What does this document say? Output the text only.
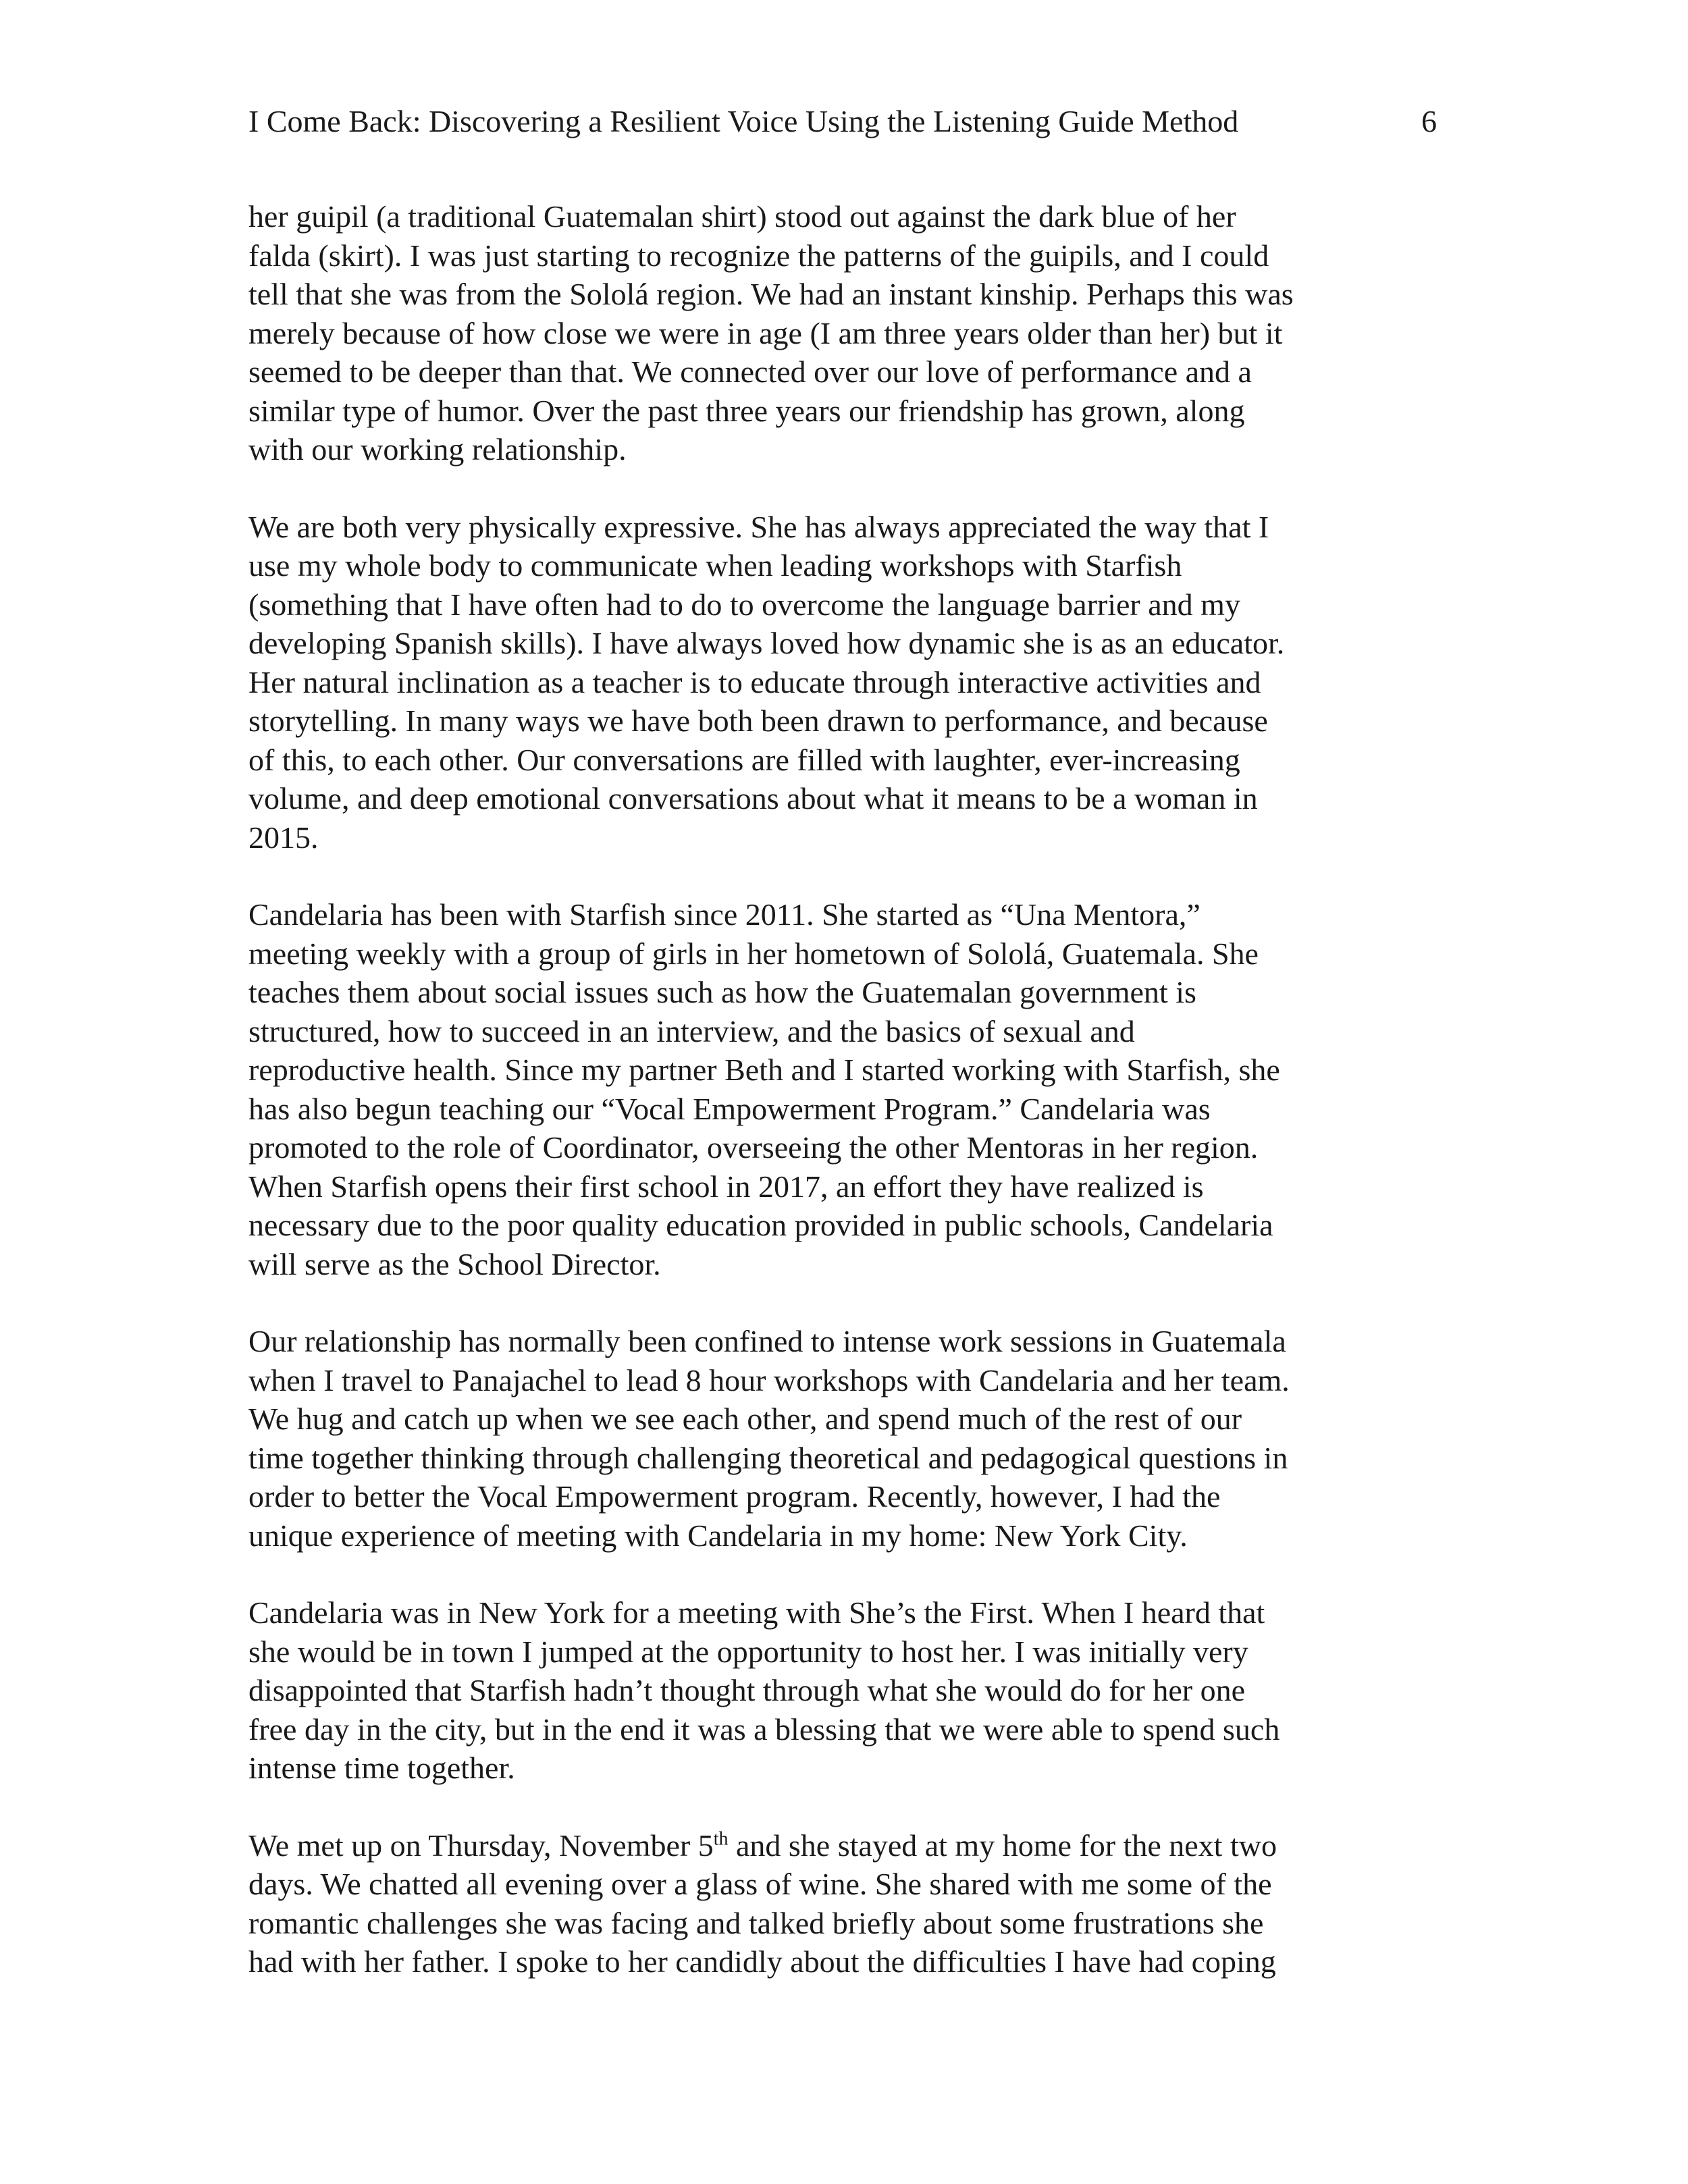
I Come Back: Discovering a Resilient Voice Using the Listening Guide Method	6

her guipil (a traditional Guatemalan shirt) stood out against the dark blue of her
falda (skirt). I was just starting to recognize the patterns of the guipils, and I could
tell that she was from the Sololá region. We had an instant kinship. Perhaps this was
merely because of how close we were in age (I am three years older than her) but it
seemed to be deeper than that. We connected over our love of performance and a
similar type of humor. Over the past three years our friendship has grown, along
with our working relationship.

We are both very physically expressive. She has always appreciated the way that I
use my whole body to communicate when leading workshops with Starfish
(something that I have often had to do to overcome the language barrier and my
developing Spanish skills). I have always loved how dynamic she is as an educator.
Her natural inclination as a teacher is to educate through interactive activities and
storytelling. In many ways we have both been drawn to performance, and because
of this, to each other. Our conversations are filled with laughter, ever-increasing
volume, and deep emotional conversations about what it means to be a woman in
2015.

Candelaria has been with Starfish since 2011. She started as “Una Mentora,”
meeting weekly with a group of girls in her hometown of Sololá, Guatemala. She
teaches them about social issues such as how the Guatemalan government is
structured, how to succeed in an interview, and the basics of sexual and
reproductive health. Since my partner Beth and I started working with Starfish, she
has also begun teaching our “Vocal Empowerment Program.” Candelaria was
promoted to the role of Coordinator, overseeing the other Mentoras in her region.
When Starfish opens their first school in 2017, an effort they have realized is
necessary due to the poor quality education provided in public schools, Candelaria
will serve as the School Director.

Our relationship has normally been confined to intense work sessions in Guatemala
when I travel to Panajachel to lead 8 hour workshops with Candelaria and her team.
We hug and catch up when we see each other, and spend much of the rest of our
time together thinking through challenging theoretical and pedagogical questions in
order to better the Vocal Empowerment program. Recently, however, I had the
unique experience of meeting with Candelaria in my home: New York City.

Candelaria was in New York for a meeting with She’s the First. When I heard that
she would be in town I jumped at the opportunity to host her. I was initially very
disappointed that Starfish hadn’t thought through what she would do for her one
free day in the city, but in the end it was a blessing that we were able to spend such
intense time together.

We met up on Thursday, November 5th and she stayed at my home for the next two
days. We chatted all evening over a glass of wine. She shared with me some of the
romantic challenges she was facing and talked briefly about some frustrations she
had with her father. I spoke to her candidly about the difficulties I have had coping
